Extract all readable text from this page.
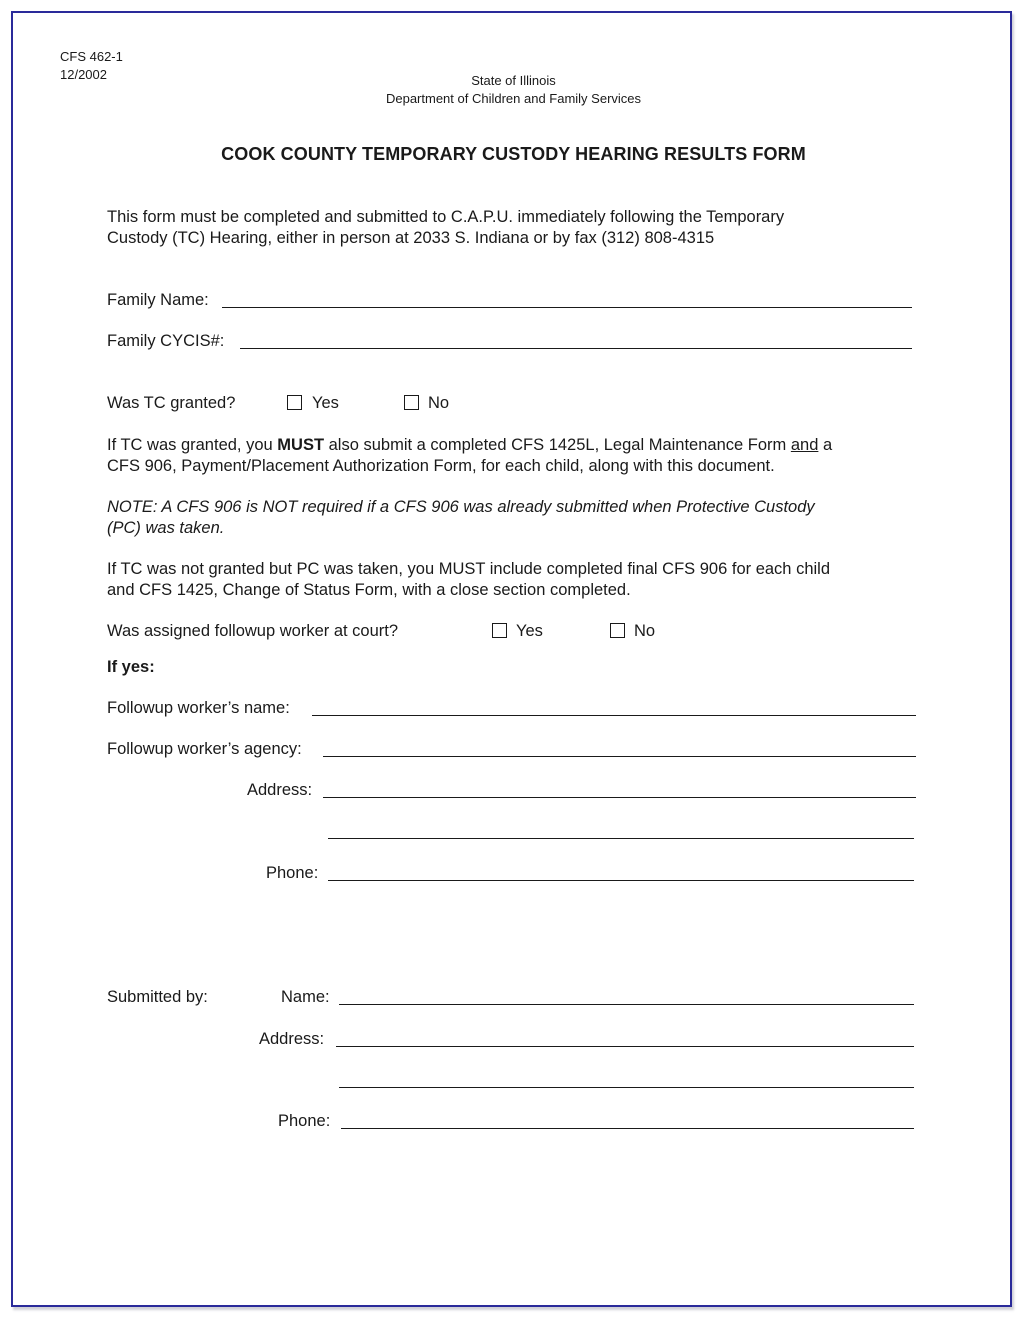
CFS 462-1
12/2002	State of Illinois
Department of Children and Family Services
COOK COUNTY TEMPORARY CUSTODY HEARING RESULTS FORM
This form must be completed and submitted to C.A.P.U. immediately following the Temporary
Custody (TC) Hearing, either in person at 2033 S. Indiana or by fax (312) 808-4315
Family Name:
Family CYCIS#:
Was TC granted?	Yes	No
If TC was granted, you MUST also submit a completed CFS 1425L, Legal Maintenance Form and a
CFS 906, Payment/Placement Authorization Form, for each child, along with this document.
NOTE: A CFS 906 is NOT required if a CFS 906 was already submitted when Protective Custody
(PC) was taken.
If TC was not granted but PC was taken, you MUST include completed final CFS 906 for each child
and CFS 1425, Change of Status Form, with a close section completed.
Was assigned followup worker at court?	Yes	No
If yes:
Followup worker’s name:
Followup worker’s agency:
Address:
Phone:
Submitted by:	Name:
Address:
Phone:
